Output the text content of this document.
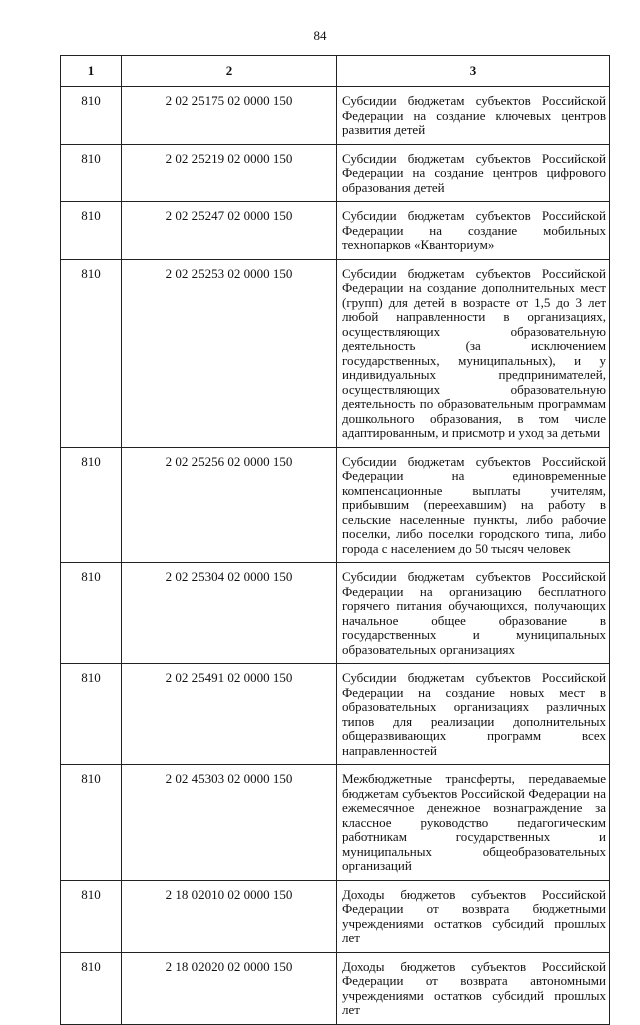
84
1	2	3
810	2 02 25175 02 0000 150	Субсидии бюджетам субъектов Российской Федерации на создание ключевых центров развития детей
810	2 02 25219 02 0000 150	Субсидии бюджетам субъектов Российской Федерации на создание центров цифрового образования детей
810	2 02 25247 02 0000 150	Субсидии бюджетам субъектов Российской Федерации на создание мобильных технопарков «Кванториум»
810	2 02 25253 02 0000 150	Субсидии бюджетам субъектов Российской Федерации на создание дополнительных мест (групп) для детей в возрасте от 1,5 до 3 лет любой направленности в организациях, осуществляющих образовательную деятельность (за исключением государственных, муниципальных), и у индивидуальных предпринимателей, осуществляющих образовательную деятельность по образовательным программам дошкольного образования, в том числе адаптированным, и присмотр и уход за детьми
810	2 02 25256 02 0000 150	Субсидии бюджетам субъектов Российской Федерации на единовременные компенсационные выплаты учителям, прибывшим (переехавшим) на работу в сельские населенные пункты, либо рабочие поселки, либо поселки городского типа, либо города с населением до 50 тысяч человек
810	2 02 25304 02 0000 150	Субсидии бюджетам субъектов Российской Федерации на организацию бесплатного горячего питания обучающихся, получающих начальное общее образование в государственных и муниципальных образовательных организациях
810	2 02 25491 02 0000 150	Субсидии бюджетам субъектов Российской Федерации на создание новых мест в образовательных организациях различных типов для реализации дополнительных общеразвивающих программ всех направленностей
810	2 02 45303 02 0000 150	Межбюджетные трансферты, передаваемые бюджетам субъектов Российской Федерации на ежемесячное денежное вознаграждение за классное руководство педагогическим работникам государственных и муниципальных общеобразовательных организаций
810	2 18 02010 02 0000 150	Доходы бюджетов субъектов Российской Федерации от возврата бюджетными учреждениями остатков субсидий прошлых лет
810	2 18 02020 02 0000 150	Доходы бюджетов субъектов Российской Федерации от возврата автономными учреждениями остатков субсидий прошлых лет
